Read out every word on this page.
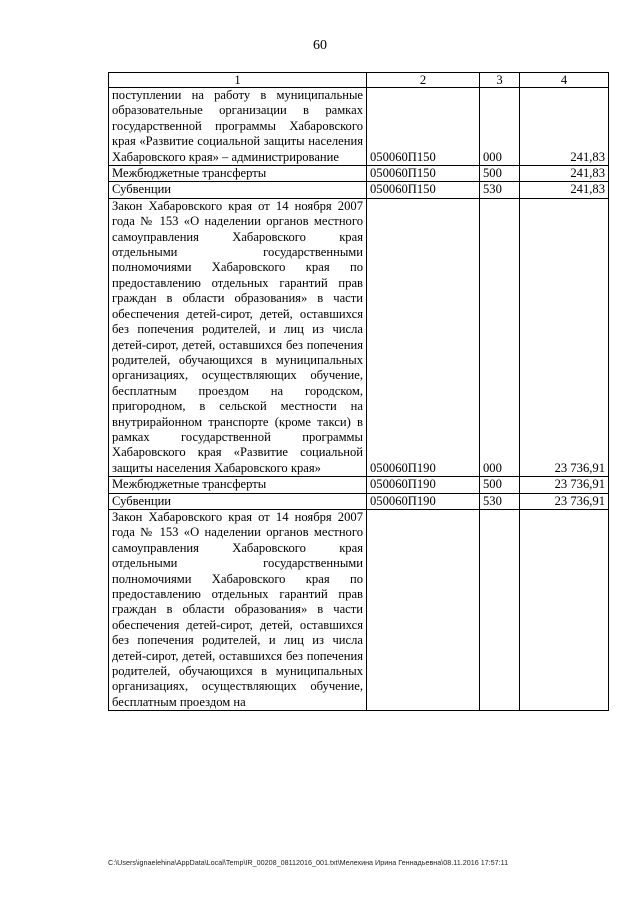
60
1	2	3	4
поступлении на работу в муниципальные образовательные организации в рамках государственной программы Хабаровского края «Развитие социальной защиты населения Хабаровского края» – администрирование	050060П150	000	241,83
Межбюджетные трансферты	050060П150	500	241,83
Субвенции	050060П150	530	241,83
Закон Хабаровского края от 14 ноября 2007 года № 153 «О наделении органов местного самоуправления Хабаровского края отдельными государственными полномочиями Хабаровского края по предоставлению отдельных гарантий прав граждан в области образования» в части обеспечения детей-сирот, детей, оставшихся без попечения родителей, и лиц из числа детей-сирот, детей, оставшихся без попечения родителей, обучающихся в муниципальных организациях, осуществляющих обучение, бесплатным проездом на городском, пригородном, в сельской местности на внутрирайонном транспорте (кроме такси) в рамках государственной программы Хабаровского края «Развитие социальной защиты населения Хабаровского края»	050060П190	000	23 736,91
Межбюджетные трансферты	050060П190	500	23 736,91
Субвенции	050060П190	530	23 736,91
Закон Хабаровского края от 14 ноября 2007 года № 153 «О наделении органов местного самоуправления Хабаровского края отдельными государственными полномочиями Хабаровского края по предоставлению отдельных гарантий прав граждан в области образования» в части обеспечения детей-сирот, детей, оставшихся без попечения родителей, и лиц из числа детей-сирот, детей, оставшихся без попечения родителей, обучающихся в муниципальных организациях, осуществляющих обучение, бесплатным проездом на			
C:\Users\ignaelehina\AppData\Local\Temp\IR_00208_08112016_001.txt\Мелехина Ирина Геннадьевна\08.11.2016 17:57:11
